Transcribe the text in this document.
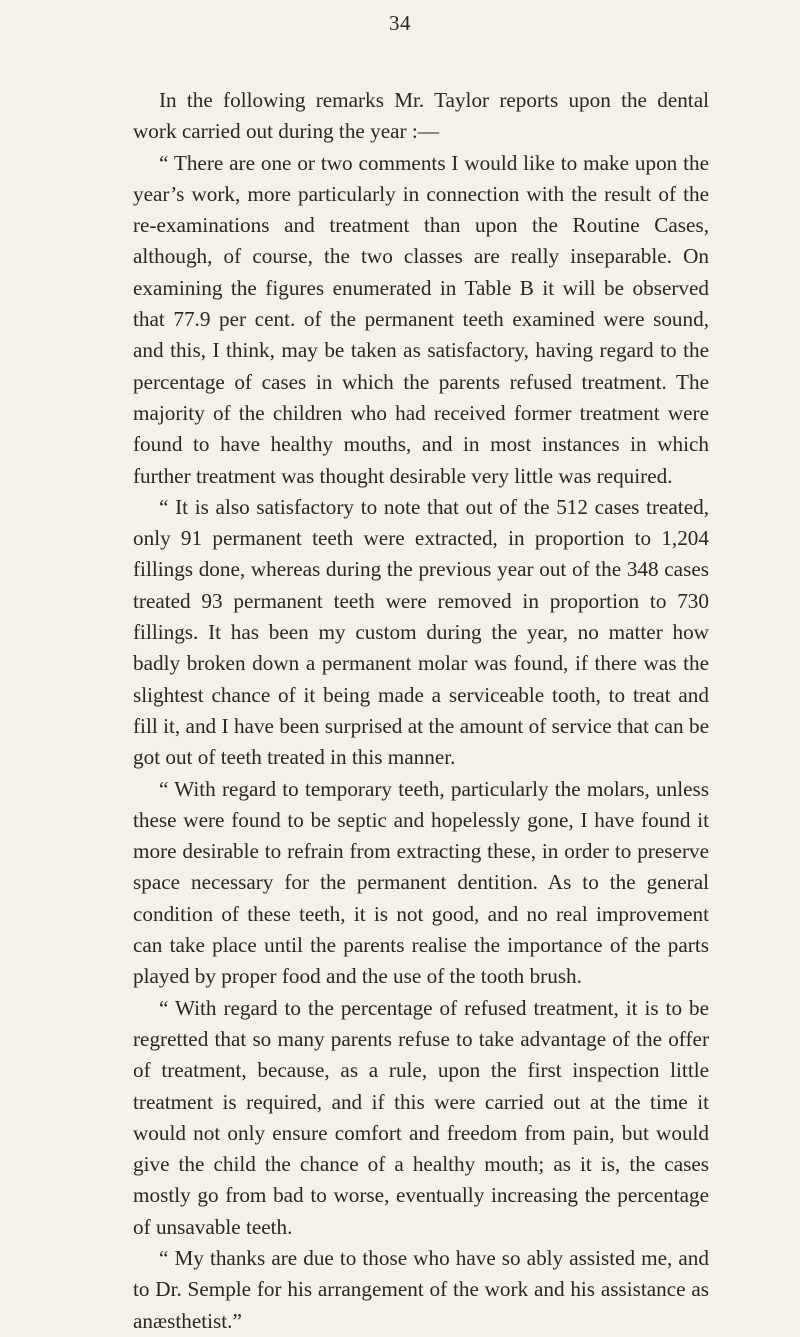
34

In the following remarks Mr. Taylor reports upon the dental work carried out during the year :—

“ There are one or two comments I would like to make upon the year’s work, more particularly in connection with the result of the re-examinations and treatment than upon the Routine Cases, although, of course, the two classes are really inseparable. On examining the figures enumerated in Table B it will be observed that 77.9 per cent. of the permanent teeth examined were sound, and this, I think, may be taken as satisfactory, having regard to the percentage of cases in which the parents refused treatment. The majority of the children who had received former treatment were found to have healthy mouths, and in most instances in which further treatment was thought desirable very little was required.

“ It is also satisfactory to note that out of the 512 cases treated, only 91 permanent teeth were extracted, in proportion to 1,204 fillings done, whereas during the previous year out of the 348 cases treated 93 permanent teeth were removed in proportion to 730 fillings. It has been my custom during the year, no matter how badly broken down a permanent molar was found, if there was the slightest chance of it being made a serviceable tooth, to treat and fill it, and I have been surprised at the amount of service that can be got out of teeth treated in this manner.

“ With regard to temporary teeth, particularly the molars, unless these were found to be septic and hopelessly gone, I have found it more desirable to refrain from extracting these, in order to preserve space necessary for the permanent dentition. As to the general condition of these teeth, it is not good, and no real improvement can take place until the parents realise the importance of the parts played by proper food and the use of the tooth brush.

“ With regard to the percentage of refused treatment, it is to be regretted that so many parents refuse to take advantage of the offer of treatment, because, as a rule, upon the first inspection little treatment is required, and if this were carried out at the time it would not only ensure comfort and freedom from pain, but would give the child the chance of a healthy mouth; as it is, the cases mostly go from bad to worse, eventually increasing the percentage of unsavable teeth.

“ My thanks are due to those who have so ably assisted me, and to Dr. Semple for his arrangement of the work and his assistance as anæsthetist.”
